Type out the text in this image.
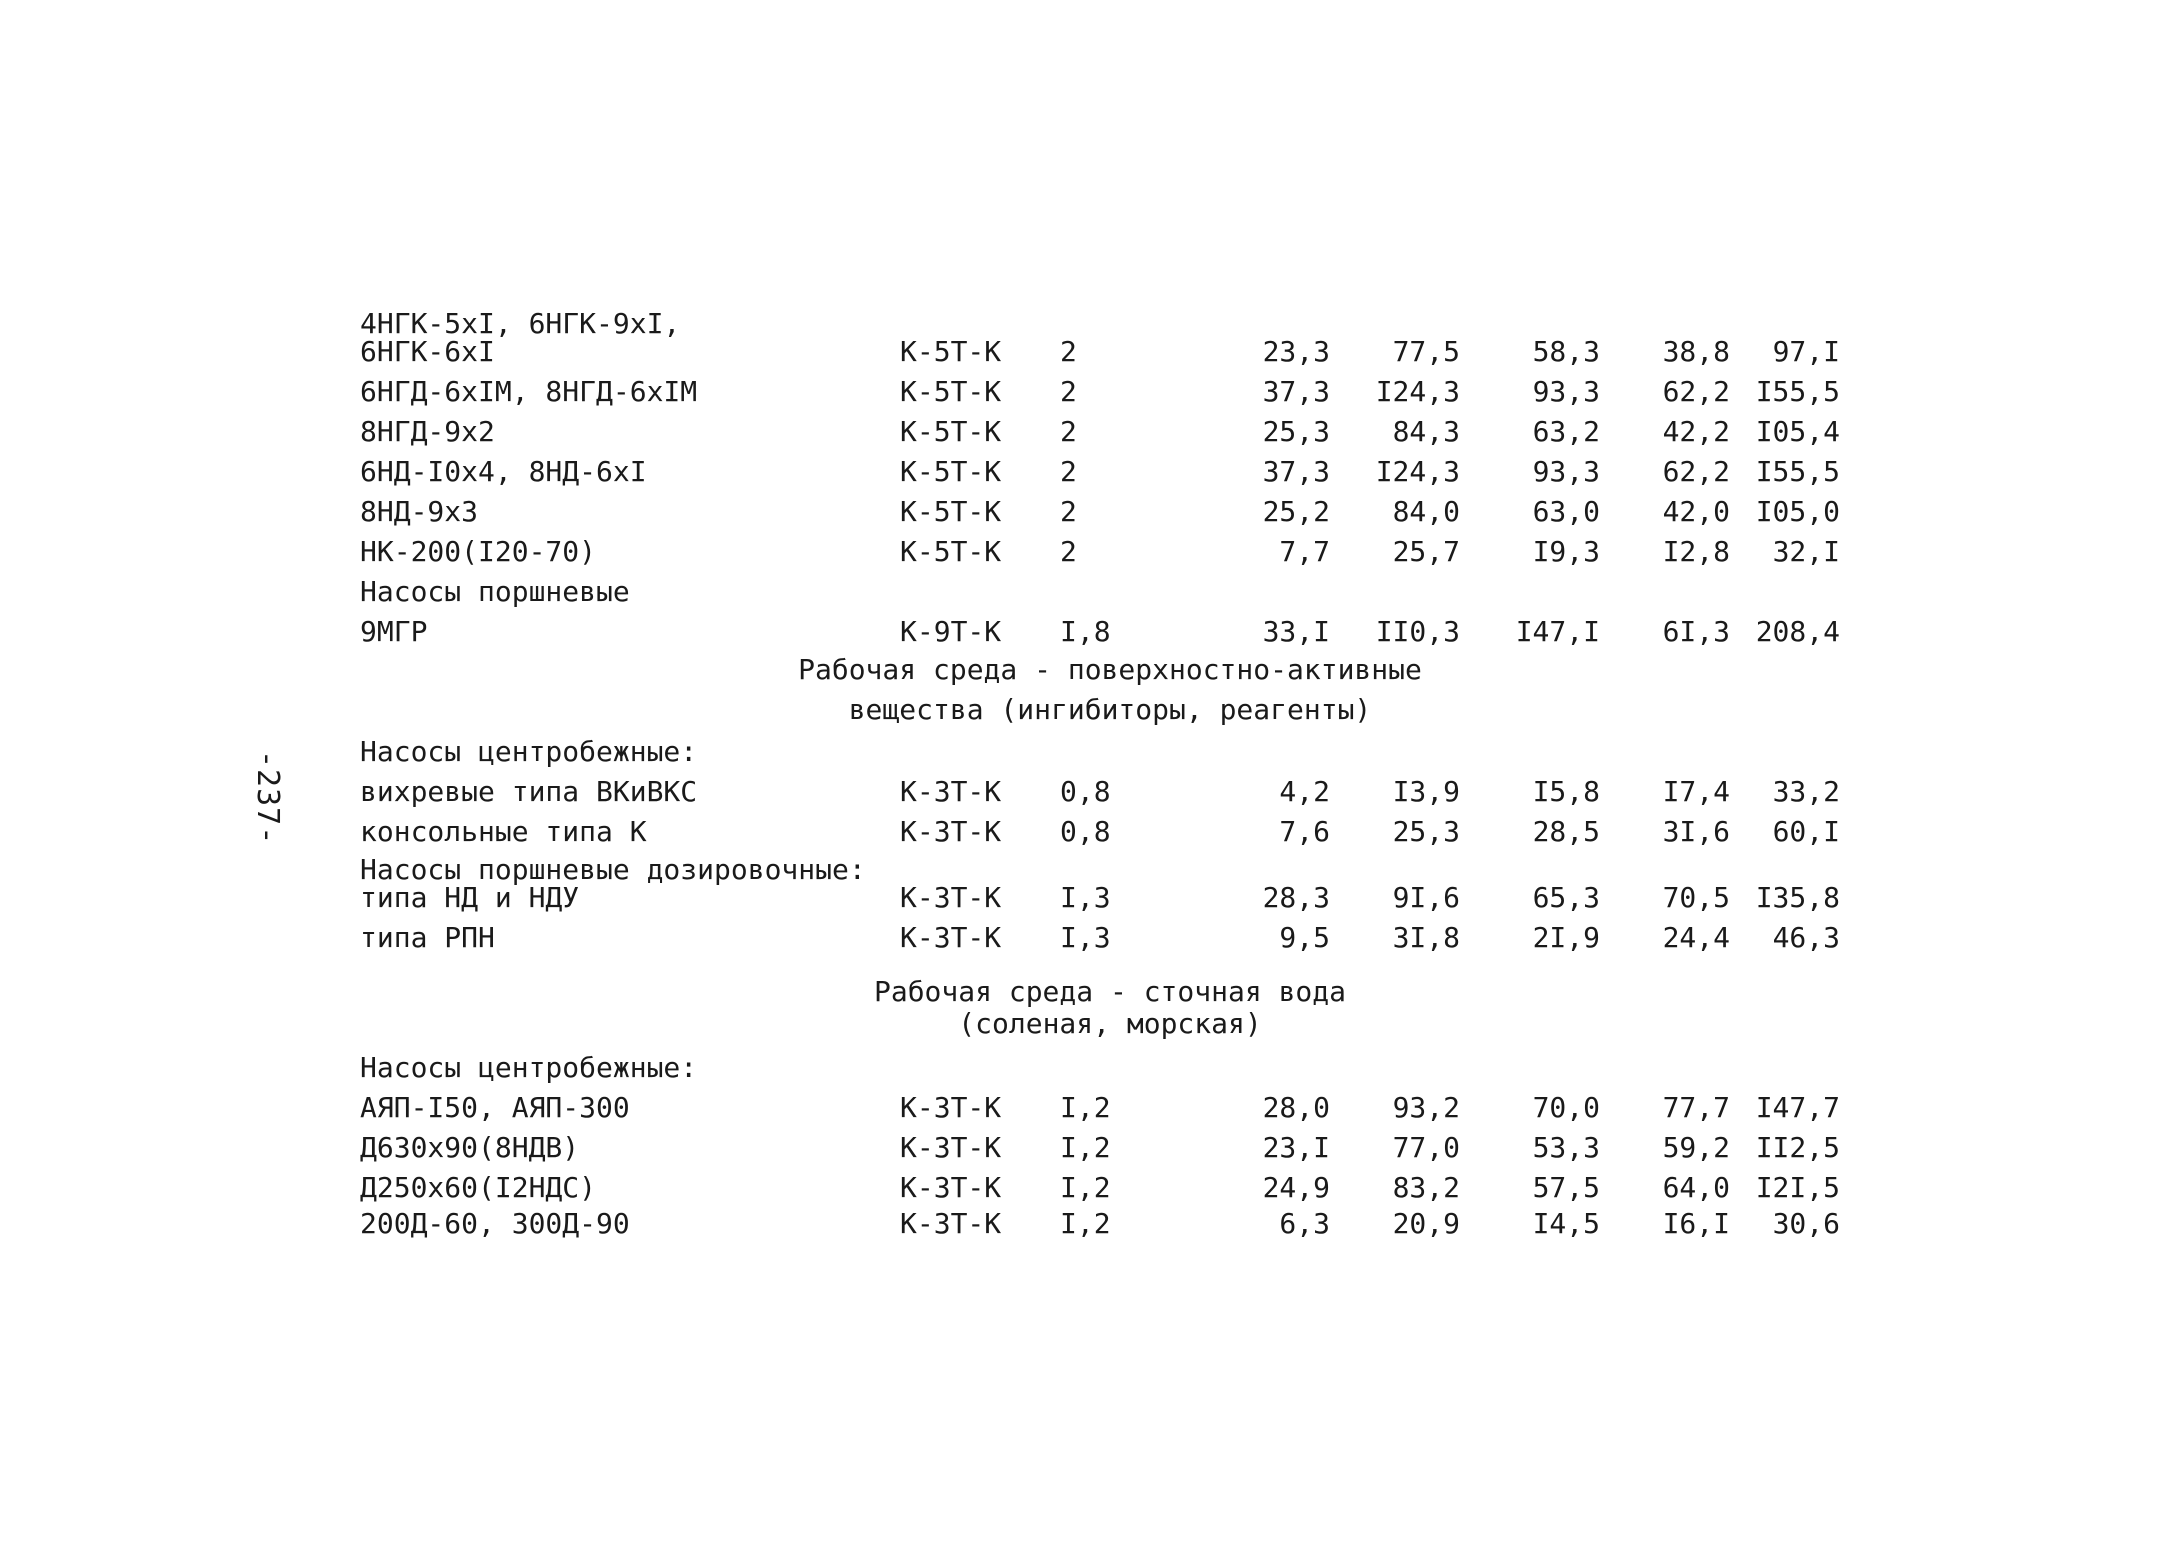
-237-
4НГК-5хI, 6НГК-9хI,
6НГК-6хI	К-5Т-К 2	23,3	77,5	58,3	38,8	97,I
6НГД-6хIМ, 8НГД-6хIМ	К-5Т-К 2	37,3	I24,3	93,3	62,2 I55,5
8НГД-9х2	К-5Т-К 2	25,3	84,3	63,2	42,2 I05,4
6НД-I0х4, 8НД-6хI	К-5Т-К 2	37,3	I24,3	93,3	62,2 I55,5
8НД-9х3	К-5Т-К 2	25,2	84,0	63,0	42,0 I05,0
НК-200(I20-70)	К-5Т-К 2	7,7	25,7	I9,3	I2,8	32,I
Насосы поршневые
9МГР	К-9Т-К I,8	33,I	II0,3	I47,I	6I,3 208,4
Рабочая среда - поверхностно-активные
вещества (ингибиторы, реагенты)
Насосы центробежные:
вихревые типа ВКиВКС	К-3Т-К 0,8	4,2	I3,9	I5,8	I7,4	33,2
консольные типа К	К-3Т-К 0,8	7,6	25,3	28,5	3I,6	60,I
Насосы поршневые дозировочные:
типа НД и НДУ	К-3Т-К I,3	28,3	9I,6	65,3	70,5 I35,8
типа РПН	К-3Т-К I,3	9,5	3I,8	2I,9	24,4	46,3
Рабочая среда - сточная вода
(соленая, морская)
Насосы центробежные:
АЯП-I50, АЯП-300	К-3Т-К I,2	28,0	93,2	70,0	77,7 I47,7
Д630х90(8НДВ)	К-3Т-К I,2	23,I	77,0	53,3	59,2 II2,5
Д250х60(I2НДС)	К-3Т-К I,2	24,9	83,2	57,5	64,0 I2I,5
200Д-60, 300Д-90	К-3Т-К I,2	6,3	20,9	I4,5	I6,I	30,6
